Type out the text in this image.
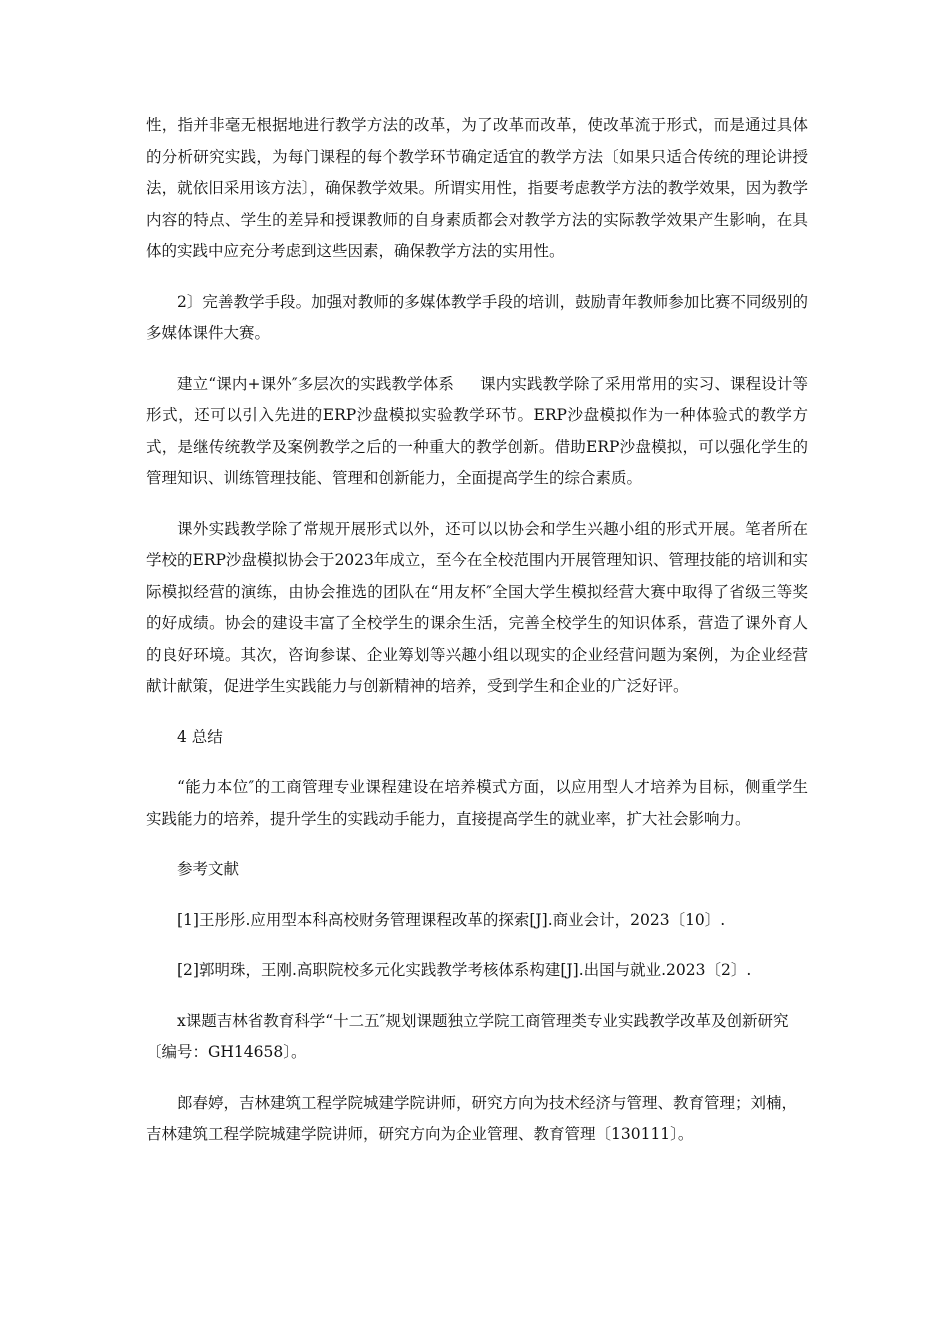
性，指并非毫无根据地进行教学方法的改革，为了改革而改革，使改革流于形式，而是通过具体的分析研究实践，为每门课程的每个教学环节确定适宜的教学方法〔如果只适合传统的理论讲授法，就依旧采用该方法〕，确保教学效果。所谓实用性，指要考虑教学方法的教学效果，因为教学内容的特点、学生的差异和授课教师的自身素质都会对教学方法的实际教学效果产生影响，在具体的实践中应充分考虑到这些因素，确保教学方法的实用性。

2〕完善教学手段。加强对教师的多媒体教学手段的培训，鼓励青年教师参加比赛不同级别的多媒体课件大赛。

建立“课内+课外″多层次的实践教学体系 课内实践教学除了采用常用的实习、课程设计等形式，还可以引入先进的ERP沙盘模拟实验教学环节。ERP沙盘模拟作为一种体验式的教学方式，是继传统教学及案例教学之后的一种重大的教学创新。借助ERP沙盘模拟，可以强化学生的管理知识、训练管理技能、管理和创新能力，全面提高学生的综合素质。

课外实践教学除了常规开展形式以外，还可以以协会和学生兴趣小组的形式开展。笔者所在学校的ERP沙盘模拟协会于2023年成立，至今在全校范围内开展管理知识、管理技能的培训和实际模拟经营的演练，由协会推选的团队在“用友杯″全国大学生模拟经营大赛中取得了省级三等奖的好成绩。协会的建设丰富了全校学生的课余生活，完善全校学生的知识体系，营造了课外育人的良好环境。其次，咨询参谋、企业筹划等兴趣小组以现实的企业经营问题为案例，为企业经营献计献策，促进学生实践能力与创新精神的培养，受到学生和企业的广泛好评。

4 总结

“能力本位″的工商管理专业课程建设在培养模式方面，以应用型人才培养为目标，侧重学生实践能力的培养，提升学生的实践动手能力，直接提高学生的就业率，扩大社会影响力。

参考文献

[1]王彤彤.应用型本科高校财务管理课程改革的探索[J].商业会计，2023〔10〕.

[2]郭明珠，王刚.高职院校多元化实践教学考核体系构建[J].出国与就业.2023〔2〕.

x课题吉林省教育科学“十二五″规划课题独立学院工商管理类专业实践教学改革及创新研究〔编号：GH14658〕。

郎春婷，吉林建筑工程学院城建学院讲师，研究方向为技术经济与管理、教育管理；刘楠，吉林建筑工程学院城建学院讲师，研究方向为企业管理、教育管理〔130111〕。
